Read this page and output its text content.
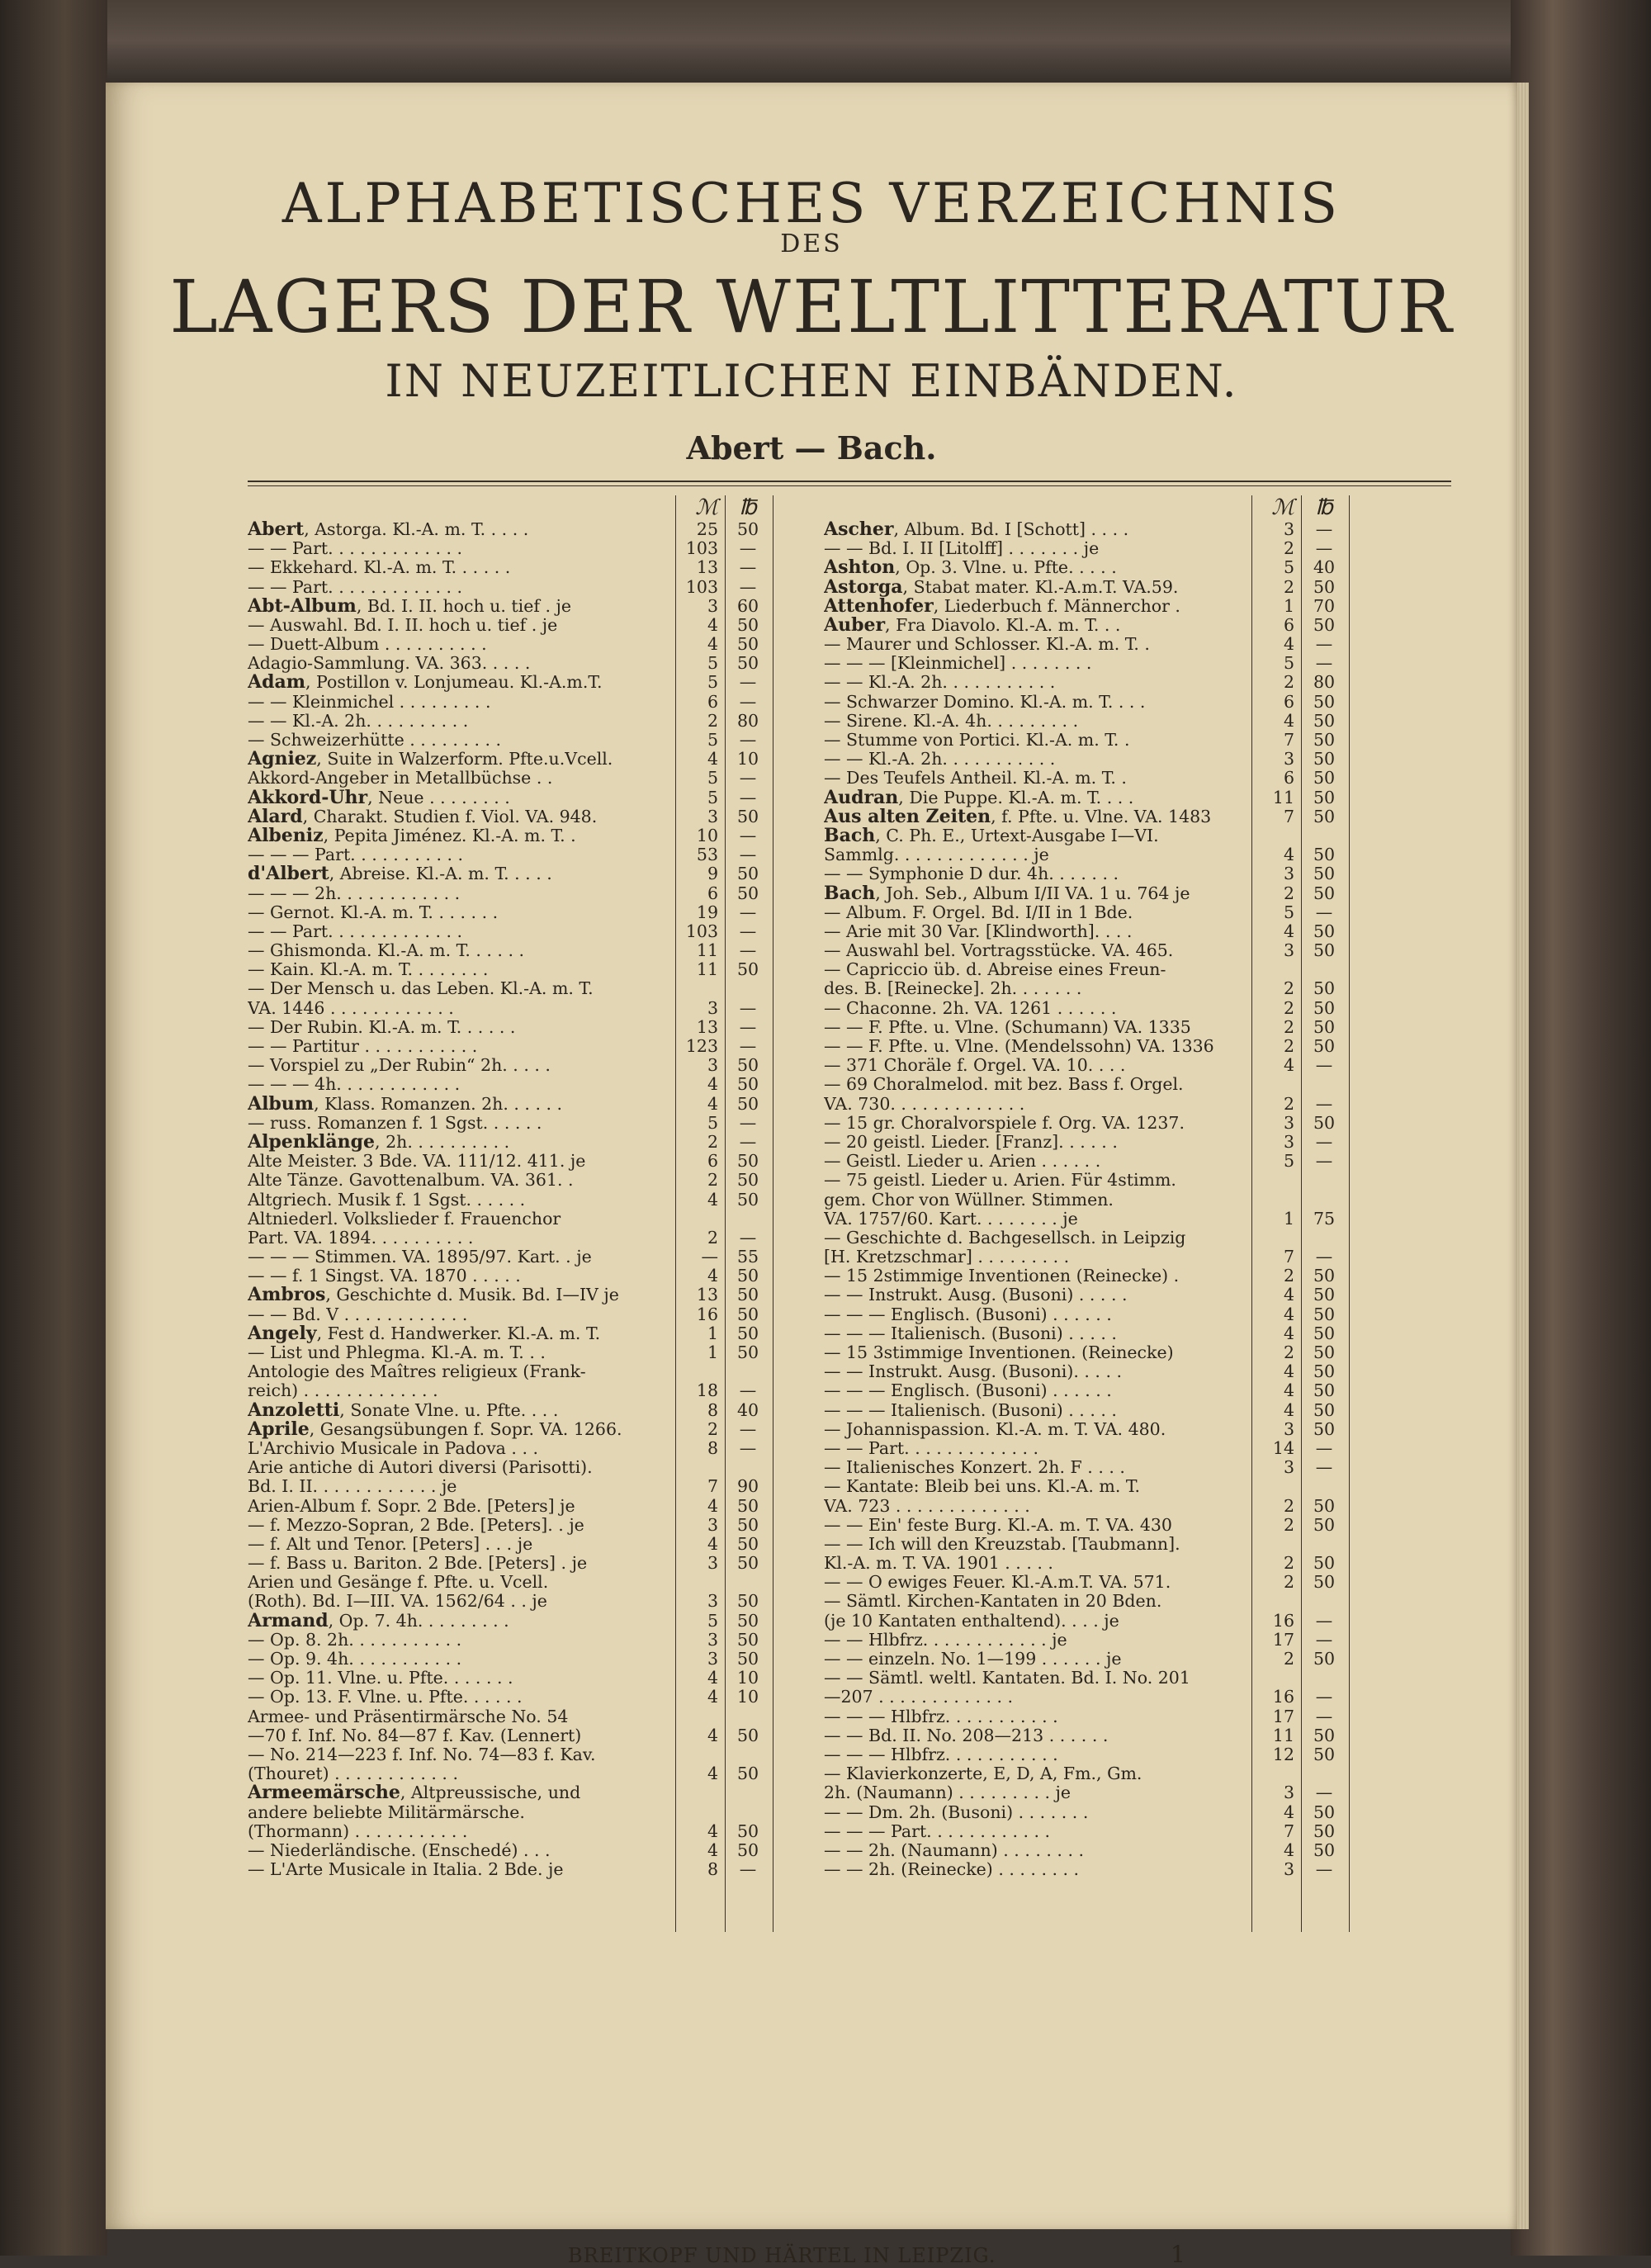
ALPHABETISCHES VERZEICHNIS
DES
LAGERS DER WELTLITTERATUR
IN NEUZEITLICHEN EINBÄNDEN.
Abert — Bach.
ℳ ℔
Abert, Astorga. Kl.-A. m. T. . . . .	25	50
— — Part. . . . . . . . . . . . .	103	—
— Ekkehard. Kl.-A. m. T. . . . . .	13	—
— — Part. . . . . . . . . . . . .	103	—
Abt-Album, Bd. I. II. hoch u. tief . je	3	60
— Auswahl. Bd. I. II. hoch u. tief . je	4	50
— Duett-Album . . . . . . . . . .	4	50
Adagio-Sammlung. VA. 363. . . . .	5	50
Adam, Postillon v. Lonjumeau. Kl.-A.m.T.	5	—
— — Kleinmichel . . . . . . . . .	6	—
— — Kl.-A. 2h. . . . . . . . . .	2	80
— Schweizerhütte . . . . . . . . .	5	—
Agniez, Suite in Walzerform. Pfte.u.Vcell.	4	10
Akkord-Angeber in Metallbüchse . .	5	—
Akkord-Uhr, Neue . . . . . . . .	5	—
Alard, Charakt. Studien f. Viol. VA. 948.	3	50
Albeniz, Pepita Jiménez. Kl.-A. m. T. .	10	—
— — — Part. . . . . . . . . . .	53	—
d'Albert, Abreise. Kl.-A. m. T. . . . .	9	50
— — — 2h. . . . . . . . . . . .	6	50
— Gernot. Kl.-A. m. T. . . . . . .	19	—
— — Part. . . . . . . . . . . . .	103	—
— Ghismonda. Kl.-A. m. T. . . . . .	11	—
— Kain. Kl.-A. m. T. . . . . . . .	11	50
— Der Mensch u. das Leben. Kl.-A. m. T.
VA. 1446 . . . . . . . . . . . .	3	—
— Der Rubin. Kl.-A. m. T. . . . . .	13	—
— — Partitur . . . . . . . . . . .	123	—
— Vorspiel zu „Der Rubin“ 2h. . . . .	3	50
— — — 4h. . . . . . . . . . . .	4	50
Album, Klass. Romanzen. 2h. . . . . .	4	50
— russ. Romanzen f. 1 Sgst. . . . . .	5	—
Alpenklänge, 2h. . . . . . . . . .	2	—
Alte Meister. 3 Bde. VA. 111/12. 411. je	6	50
Alte Tänze. Gavottenalbum. VA. 361. .	2	50
Altgriech. Musik f. 1 Sgst. . . . . .	4	50
Altniederl. Volkslieder f. Frauenchor
Part. VA. 1894. . . . . . . . . .	2	—
— — — Stimmen. VA. 1895/97. Kart. . je	—	55
— — f. 1 Singst. VA. 1870 . . . . .	4	50
Ambros, Geschichte d. Musik. Bd. I—IV je	13	50
— — Bd. V . . . . . . . . . . . .	16	50
Angely, Fest d. Handwerker. Kl.-A. m. T.	1	50
— List und Phlegma. Kl.-A. m. T. . .	1	50
Antologie des Maîtres religieux (Frank-
reich) . . . . . . . . . . . . .	18	—
Anzoletti, Sonate Vlne. u. Pfte. . . .	8	40
Aprile, Gesangsübungen f. Sopr. VA. 1266.	2	—
L'Archivio Musicale in Padova . . .	8	—
Arie antiche di Autori diversi (Parisotti).
Bd. I. II. . . . . . . . . . . . je	7	90
Arien-Album f. Sopr. 2 Bde. [Peters] je	4	50
— f. Mezzo-Sopran, 2 Bde. [Peters]. . je	3	50
— f. Alt und Tenor. [Peters] . . . je	4	50
— f. Bass u. Bariton. 2 Bde. [Peters] . je	3	50
Arien und Gesänge f. Pfte. u. Vcell.
(Roth). Bd. I—III. VA. 1562/64 . . je	3	50
Armand, Op. 7. 4h. . . . . . . . .	5	50
— Op. 8. 2h. . . . . . . . . . .	3	50
— Op. 9. 4h. . . . . . . . . . .	3	50
— Op. 11. Vlne. u. Pfte. . . . . . .	4	10
— Op. 13. F. Vlne. u. Pfte. . . . . .	4	10
Armee- und Präsentirmärsche No. 54
—70 f. Inf. No. 84—87 f. Kav. (Lennert)	4	50
— No. 214—223 f. Inf. No. 74—83 f. Kav.
(Thouret) . . . . . . . . . . . .	4	50
Armeemärsche, Altpreussische, und
andere beliebte Militärmärsche.
(Thormann) . . . . . . . . . . .	4	50
— Niederländische. (Enschedé) . . .	4	50
— L'Arte Musicale in Italia. 2 Bde. je	8	—
ℳ ℔
Ascher, Album. Bd. I [Schott] . . . .	3	—
— — Bd. I. II [Litolff] . . . . . . . je	2	—
Ashton, Op. 3. Vlne. u. Pfte. . . . .	5	40
Astorga, Stabat mater. Kl.-A.m.T. VA.59.	2	50
Attenhofer, Liederbuch f. Männerchor .	1	70
Auber, Fra Diavolo. Kl.-A. m. T. . .	6	50
— Maurer und Schlosser. Kl.-A. m. T. .	4	—
— — — [Kleinmichel] . . . . . . . .	5	—
— — Kl.-A. 2h. . . . . . . . . . .	2	80
— Schwarzer Domino. Kl.-A. m. T. . . .	6	50
— Sirene. Kl.-A. 4h. . . . . . . . .	4	50
— Stumme von Portici. Kl.-A. m. T. .	7	50
— — Kl.-A. 2h. . . . . . . . . . .	3	50
— Des Teufels Antheil. Kl.-A. m. T. .	6	50
Audran, Die Puppe. Kl.-A. m. T. . . .	11	50
Aus alten Zeiten, f. Pfte. u. Vlne. VA. 1483	7	50
Bach, C. Ph. E., Urtext-Ausgabe I—VI.
Sammlg. . . . . . . . . . . . . je	4	50
— — Symphonie D dur. 4h. . . . . . .	3	50
Bach, Joh. Seb., Album I/II VA. 1 u. 764 je	2	50
— Album. F. Orgel. Bd. I/II in 1 Bde.	5	—
— Arie mit 30 Var. [Klindworth]. . . .	4	50
— Auswahl bel. Vortragsstücke. VA. 465.	3	50
— Capriccio üb. d. Abreise eines Freun-
des. B. [Reinecke]. 2h. . . . . . .	2	50
— Chaconne. 2h. VA. 1261 . . . . . .	2	50
— — F. Pfte. u. Vlne. (Schumann) VA. 1335	2	50
— — F. Pfte. u. Vlne. (Mendelssohn) VA. 1336	2	50
— 371 Choräle f. Orgel. VA. 10. . . .	4	—
— 69 Choralmelod. mit bez. Bass f. Orgel.
VA. 730. . . . . . . . . . . . .	2	—
— 15 gr. Choralvorspiele f. Org. VA. 1237.	3	50
— 20 geistl. Lieder. [Franz]. . . . . .	3	—
— Geistl. Lieder u. Arien . . . . . .	5	—
— 75 geistl. Lieder u. Arien. Für 4stimm.
gem. Chor von Wüllner. Stimmen.
VA. 1757/60. Kart. . . . . . . . je	1	75
— Geschichte d. Bachgesellsch. in Leipzig
[H. Kretzschmar] . . . . . . . . .	7	—
— 15 2stimmige Inventionen (Reinecke) .	2	50
— — Instrukt. Ausg. (Busoni) . . . . .	4	50
— — — Englisch. (Busoni) . . . . . .	4	50
— — — Italienisch. (Busoni) . . . . .	4	50
— 15 3stimmige Inventionen. (Reinecke)	2	50
— — Instrukt. Ausg. (Busoni). . . . .	4	50
— — — Englisch. (Busoni) . . . . . .	4	50
— — — Italienisch. (Busoni) . . . . .	4	50
— Johannispassion. Kl.-A. m. T. VA. 480.	3	50
— — Part. . . . . . . . . . . . .	14	—
— Italienisches Konzert. 2h. F . . . .	3	—
— Kantate: Bleib bei uns. Kl.-A. m. T.
VA. 723 . . . . . . . . . . . . .	2	50
— — Ein' feste Burg. Kl.-A. m. T. VA. 430	2	50
— — Ich will den Kreuzstab. [Taubmann].
Kl.-A. m. T. VA. 1901 . . . . .	2	50
— — O ewiges Feuer. Kl.-A.m.T. VA. 571.	2	50
— Sämtl. Kirchen-Kantaten in 20 Bden.
(je 10 Kantaten enthaltend). . . . je	16	—
— — Hlbfrz. . . . . . . . . . . . je	17	—
— — einzeln. No. 1—199 . . . . . . je	2	50
— — Sämtl. weltl. Kantaten. Bd. I. No. 201
—207 . . . . . . . . . . . . .	16	—
— — — Hlbfrz. . . . . . . . . . .	17	—
— — Bd. II. No. 208—213 . . . . . .	11	50
— — — Hlbfrz. . . . . . . . . . .	12	50
— Klavierkonzerte, E, D, A, Fm., Gm.
2h. (Naumann) . . . . . . . . . je	3	—
— — Dm. 2h. (Busoni) . . . . . . .	4	50
— — — Part. . . . . . . . . . . .	7	50
— — 2h. (Naumann) . . . . . . . .	4	50
— — 2h. (Reinecke) . . . . . . . .	3	—
BREITKOPF UND HÄRTEL IN LEIPZIG.	1
